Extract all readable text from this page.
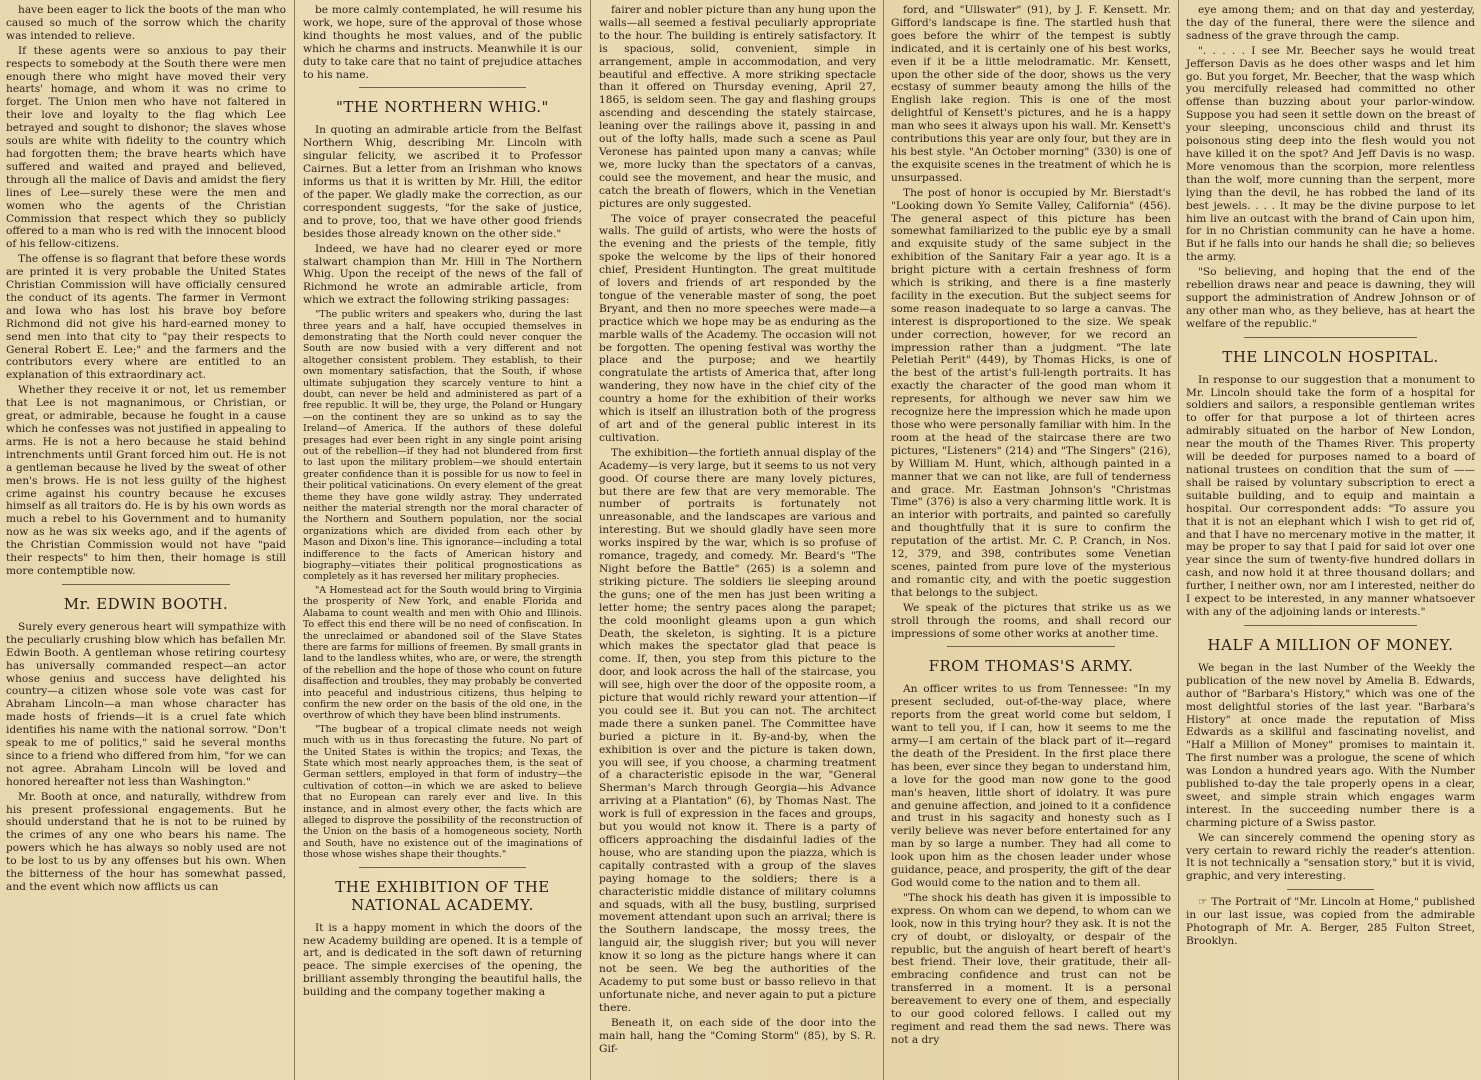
have been eager to lick the boots of the man who caused so much of the sorrow which the charity was intended to relieve.

If these agents were so anxious to pay their respects to somebody at the South there were men enough there who might have moved their very hearts' homage, and whom it was no crime to forget. The Union men who have not faltered in their love and loyalty to the flag which Lee betrayed and sought to dishonor; the slaves whose souls are white with fidelity to the country which had forgotten them; the brave hearts which have suffered and waited and prayed and believed, through all the malice of Davis and amidst the fiery lines of Lee—surely these were the men and women who the agents of the Christian Commission that respect which they so publicly offered to a man who is red with the innocent blood of his fellow-citizens.

The offense is so flagrant that before these words are printed it is very probable the United States Christian Commission will have officially censured the conduct of its agents. The farmer in Vermont and Iowa who has lost his brave boy before Richmond did not give his hard-earned money to send men into that city to "pay their respects to General Robert E. Lee;" and the farmers and the contributors every where are entitled to an explanation of this extraordinary act.

Whether they receive it or not, let us remember that Lee is not magnanimous, or Christian, or great, or admirable, because he fought in a cause which he confesses was not justified in appealing to arms. He is not a hero because he staid behind intrenchments until Grant forced him out. He is not a gentleman because he lived by the sweat of other men's brows. He is not less guilty of the highest crime against his country because he excuses himself as all traitors do. He is by his own words as much a rebel to his Government and to humanity now as he was six weeks ago, and if the agents of the Christian Commission would not have "paid their respects" to him then, their homage is still more contemptible now.

Mr. EDWIN BOOTH.

Surely every generous heart will sympathize with the peculiarly crushing blow which has befallen Mr. Edwin Booth. A gentleman whose retiring courtesy has universally commanded respect—an actor whose genius and success have delighted his country—a citizen whose sole vote was cast for Abraham Lincoln—a man whose character has made hosts of friends—it is a cruel fate which identifies his name with the national sorrow. "Don't speak to me of politics," said he several months since to a friend who differed from him, "for we can not agree. Abraham Lincoln will be loved and honored hereafter not less than Washington."

Mr. Booth at once, and naturally, withdrew from his present professional engagements. But he should understand that he is not to be ruined by the crimes of any one who bears his name. The powers which he has always so nobly used are not to be lost to us by any offenses but his own. When the bitterness of the hour has somewhat passed, and the event which now afflicts us can

be more calmly contemplated, he will resume his work, we hope, sure of the approval of those whose kind thoughts he most values, and of the public which he charms and instructs. Meanwhile it is our duty to take care that no taint of prejudice attaches to his name.

"THE NORTHERN WHIG."

In quoting an admirable article from the Belfast Northern Whig, describing Mr. Lincoln with singular felicity, we ascribed it to Professor Cairnes. But a letter from an Irishman who knows informs us that it is written by Mr. Hill, the editor of the paper. We gladly make the correction, as our correspondent suggests, "for the sake of justice, and to prove, too, that we have other good friends besides those already known on the other side."

Indeed, we have had no clearer eyed or more stalwart champion than Mr. Hill in The Northern Whig. Upon the receipt of the news of the fall of Richmond he wrote an admirable article, from which we extract the following striking passages:

"The public writers and speakers who, during the last three years and a half, have occupied themselves in demonstrating that the North could never conquer the South are now busied with a very different and not altogether consistent problem. They establish, to their own momentary satisfaction, that the South, if whose ultimate subjugation they scarcely venture to hint a doubt, can never be held and administered as part of a free republic. It will be, they urge, the Poland or Hungary—on the continent they are so unkind as to say the Ireland—of America. If the authors of these doleful presages had ever been right in any single point arising out of the rebellion—if they had not blundered from first to last upon the military problem—we should entertain greater confidence than it is possible for us now to feel in their political vaticinations. On every element of the great theme they have gone wildly astray. They underrated neither the material strength nor the moral character of the Northern and Southern population, nor the social organizations which are divided from each other by Mason and Dixon's line. This ignorance—including a total indifference to the facts of American history and biography—vitiates their political prognostications as completely as it has reversed her military prophecies.

"A Homestead act for the South would bring to Virginia the prosperity of New York, and enable Florida and Alabama to count wealth and men with Ohio and Illinois. To effect this end there will be no need of confiscation. In the unreclaimed or abandoned soil of the Slave States there are farms for millions of freemen. By small grants in land to the landless whites, who are, or were, the strength of the rebellion and the hope of those who count on future disaffection and troubles, they may probably be converted into peaceful and industrious citizens, thus helping to confirm the new order on the basis of the old one, in the overthrow of which they have been blind instruments.

"The bugbear of a tropical climate needs not weigh much with us in thus forecasting the future. No part of the United States is within the tropics; and Texas, the State which most nearly approaches them, is the seat of German settlers, employed in that form of industry—the cultivation of cotton—in which we are asked to believe that no European can rarely ever and live. In this instance, and in almost every other, the facts which are alleged to disprove the possibility of the reconstruction of the Union on the basis of a homogeneous society, North and South, have no existence out of the imaginations of those whose wishes shape their thoughts."

THE EXHIBITION OF THE NATIONAL ACADEMY.

It is a happy moment in which the doors of the new Academy building are opened. It is a temple of art, and is dedicated in the soft dawn of returning peace. The simple exercises of the opening, the brilliant assembly thronging the beautiful halls, the building and the company together making a

fairer and nobler picture than any hung upon the walls—all seemed a festival peculiarly appropriate to the hour. The building is entirely satisfactory. It is spacious, solid, convenient, simple in arrangement, ample in accommodation, and very beautiful and effective. A more striking spectacle than it offered on Thursday evening, April 27, 1865, is seldom seen. The gay and flashing groups ascending and descending the stately staircase, leaning over the railings above it, passing in and out of the lofty halls, made such a scene as Paul Veronese has painted upon many a canvas; while we, more lucky than the spectators of a canvas, could see the movement, and hear the music, and catch the breath of flowers, which in the Venetian pictures are only suggested.

The voice of prayer consecrated the peaceful walls. The guild of artists, who were the hosts of the evening and the priests of the temple, fitly spoke the welcome by the lips of their honored chief, President Huntington. The great multitude of lovers and friends of art responded by the tongue of the venerable master of song, the poet Bryant, and then no more speeches were made—a practice which we hope may be as enduring as the marble walls of the Academy. The occasion will not be forgotten. The opening festival was worthy the place and the purpose; and we heartily congratulate the artists of America that, after long wandering, they now have in the chief city of the country a home for the exhibition of their works which is itself an illustration both of the progress of art and of the general public interest in its cultivation.

The exhibition—the fortieth annual display of the Academy—is very large, but it seems to us not very good. Of course there are many lovely pictures, but there are few that are very memorable. The number of portraits is fortunately not unreasonable, and the landscapes are various and interesting. But we should gladly have seen more works inspired by the war, which is so profuse of romance, tragedy, and comedy. Mr. Beard's "The Night before the Battle" (265) is a solemn and striking picture. The soldiers lie sleeping around the guns; one of the men has just been writing a letter home; the sentry paces along the parapet; the cold moonlight gleams upon a gun which Death, the skeleton, is sighting. It is a picture which makes the spectator glad that peace is come. If, then, you step from this picture to the door, and look across the hall of the staircase, you will see, high over the door of the opposite room, a picture that would richly reward your attention—if you could see it. But you can not. The architect made there a sunken panel. The Committee have buried a picture in it. By-and-by, when the exhibition is over and the picture is taken down, you will see, if you choose, a charming treatment of a characteristic episode in the war, "General Sherman's March through Georgia—his Advance arriving at a Plantation" (6), by Thomas Nast. The work is full of expression in the faces and groups, but you would not know it. There is a party of officers approaching the disdainful ladies of the house, who are standing upon the piazza, which is capitally contrasted with a group of the slaves paying homage to the soldiers; there is a characteristic middle distance of military columns and squads, with all the busy, bustling, surprised movement attendant upon such an arrival; there is the Southern landscape, the mossy trees, the languid air, the sluggish river; but you will never know it so long as the picture hangs where it can not be seen. We beg the authorities of the Academy to put some bust or basso relievo in that unfortunate niche, and never again to put a picture there.

Beneath it, on each side of the door into the main hall, hang the "Coming Storm" (85), by S. R. Gif-

ford, and "Ullswater" (91), by J. F. Kensett. Mr. Gifford's landscape is fine. The startled hush that goes before the whirr of the tempest is subtly indicated, and it is certainly one of his best works, even if it be a little melodramatic. Mr. Kensett, upon the other side of the door, shows us the very ecstasy of summer beauty among the hills of the English lake region. This is one of the most delightful of Kensett's pictures, and he is a happy man who sees it always upon his wall. Mr. Kensett's contributions this year are only four, but they are in his best style. "An October morning" (330) is one of the exquisite scenes in the treatment of which he is unsurpassed.

The post of honor is occupied by Mr. Bierstadt's "Looking down Yo Semite Valley, California" (456). The general aspect of this picture has been somewhat familiarized to the public eye by a small and exquisite study of the same subject in the exhibition of the Sanitary Fair a year ago. It is a bright picture with a certain freshness of form which is striking, and there is a fine masterly facility in the execution. But the subject seems for some reason inadequate to so large a canvas. The interest is disproportioned to the size. We speak under correction, however, for we record an impression rather than a judgment. "The late Peletiah Perit" (449), by Thomas Hicks, is one of the best of the artist's full-length portraits. It has exactly the character of the good man whom it represents, for although we never saw him we recognize here the impression which he made upon those who were personally familiar with him. In the room at the head of the staircase there are two pictures, "Listeners" (214) and "The Singers" (216), by William M. Hunt, which, although painted in a manner that we can not like, are full of tenderness and grace. Mr. Eastman Johnson's "Christmas Time" (376) is also a very charming little work. It is an interior with portraits, and painted so carefully and thoughtfully that it is sure to confirm the reputation of the artist. Mr. C. P. Cranch, in Nos. 12, 379, and 398, contributes some Venetian scenes, painted from pure love of the mysterious and romantic city, and with the poetic suggestion that belongs to the subject.

We speak of the pictures that strike us as we stroll through the rooms, and shall record our impressions of some other works at another time.

FROM THOMAS'S ARMY.

An officer writes to us from Tennessee: "In my present secluded, out-of-the-way place, where reports from the great world come but seldom, I want to tell you, if I can, how it seems to me the army—I am certain of the black part of it—regard the death of the President. In the first place there has been, ever since they began to understand him, a love for the good man now gone to the good man's heaven, little short of idolatry. It was pure and genuine affection, and joined to it a confidence and trust in his sagacity and honesty such as I verily believe was never before entertained for any man by so large a number. They had all come to look upon him as the chosen leader under whose guidance, peace, and prosperity, the gift of the dear God would come to the nation and to them all.

"The shock his death has given it is impossible to express. On whom can we depend, to whom can we look, now in this trying hour? they ask. It is not the cry of doubt, or disloyalty, or despair of the republic, but the anguish of heart bereft of heart's best friend. Their love, their gratitude, their all-embracing confidence and trust can not be transferred in a moment. It is a personal bereavement to every one of them, and especially to our good colored fellows. I called out my regiment and read them the sad news. There was not a dry

eye among them; and on that day and yesterday, the day of the funeral, there were the silence and sadness of the grave through the camp.

". . . . . I see Mr. Beecher says he would treat Jefferson Davis as he does other wasps and let him go. But you forget, Mr. Beecher, that the wasp which you mercifully released had committed no other offense than buzzing about your parlor-window. Suppose you had seen it settle down on the breast of your sleeping, unconscious child and thrust its poisonous sting deep into the flesh would you not have killed it on the spot? And Jeff Davis is no wasp. More venomous than the scorpion, more relentless than the wolf, more cunning than the serpent, more lying than the devil, he has robbed the land of its best jewels. . . . It may be the divine purpose to let him live an outcast with the brand of Cain upon him, for in no Christian community can he have a home. But if he falls into our hands he shall die; so believes the army.

"So believing, and hoping that the end of the rebellion draws near and peace is dawning, they will support the administration of Andrew Johnson or of any other man who, as they believe, has at heart the welfare of the republic."

THE LINCOLN HOSPITAL.

In response to our suggestion that a monument to Mr. Lincoln should take the form of a hospital for soldiers and sailors, a responsible gentleman writes to offer for that purpose a lot of thirteen acres admirably situated on the harbor of New London, near the mouth of the Thames River. This property will be deeded for purposes named to a board of national trustees on condition that the sum of —— shall be raised by voluntary subscription to erect a suitable building, and to equip and maintain a hospital. Our correspondent adds: "To assure you that it is not an elephant which I wish to get rid of, and that I have no mercenary motive in the matter, it may be proper to say that I paid for said lot over one year since the sum of twenty-five hundred dollars in cash, and now hold it at three thousand dollars; and further, I neither own, nor am I interested, neither do I expect to be interested, in any manner whatsoever with any of the adjoining lands or interests."

HALF A MILLION OF MONEY.

We began in the last Number of the Weekly the publication of the new novel by Amelia B. Edwards, author of "Barbara's History," which was one of the most delightful stories of the last year. "Barbara's History" at once made the reputation of Miss Edwards as a skillful and fascinating novelist, and "Half a Million of Money" promises to maintain it. The first number was a prologue, the scene of which was London a hundred years ago. With the Number published to-day the tale properly opens in a clear, sweet, and simple strain which engages warm interest. In the succeeding number there is a charming picture of a Swiss pastor.

We can sincerely commend the opening story as very certain to reward richly the reader's attention. It is not technically a "sensation story," but it is vivid, graphic, and very interesting.

☞ The Portrait of "Mr. Lincoln at Home," published in our last issue, was copied from the admirable Photograph of Mr. A. Berger, 285 Fulton Street, Brooklyn.
